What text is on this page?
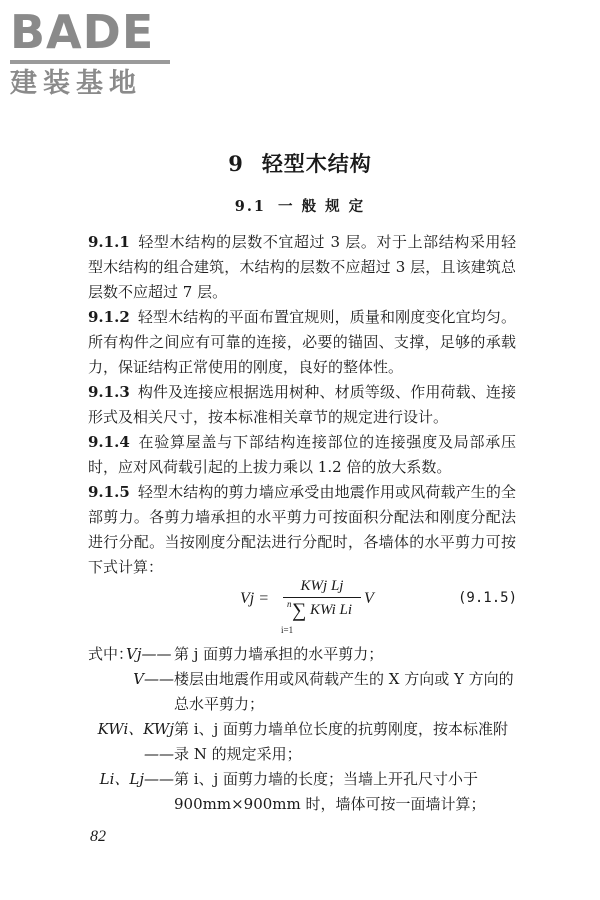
BADE
建装基地
9 轻型木结构
9.1 一 般 规 定

9.1.1 轻型木结构的层数不宜超过 3 层。对于上部结构采用轻型木结构的组合建筑，木结构的层数不应超过 3 层，且该建筑总层数不应超过 7 层。

9.1.2 轻型木结构的平面布置宜规则，质量和刚度变化宜均匀。所有构件之间应有可靠的连接，必要的锚固、支撑，足够的承载力，保证结构正常使用的刚度，良好的整体性。

9.1.3 构件及连接应根据选用树种、材质等级、作用荷载、连接形式及相关尺寸，按本标准相关章节的规定进行设计。

9.1.4 在验算屋盖与下部结构连接部位的连接强度及局部承压时，应对风荷载引起的上拔力乘以 1.2 倍的放大系数。

9.1.5 轻型木结构的剪力墙应承受由地震作用或风荷载产生的全部剪力。各剪力墙承担的水平剪力可按面积分配法和刚度分配法进行分配。当按刚度分配法进行分配时，各墙体的水平剪力可按下式计算：

Vj =
KWj Lj
n ∑ KWi Li
i=1
V	(9.1.5)
式中：
Vj—— 第 j 面剪力墙承担的水平剪力；
V—— 楼层由地震作用或风荷载产生的 X 方向或 Y 方向的总水平剪力；
KWi、KWj——
第 i、j 面剪力墙单位长度的抗剪刚度，按本标准附录 N 的规定采用；
Li、Lj—— 第 i、j 面剪力墙的长度；当墙上开孔尺寸小于 900mm×900mm 时，墙体可按一面墙计算；
82
